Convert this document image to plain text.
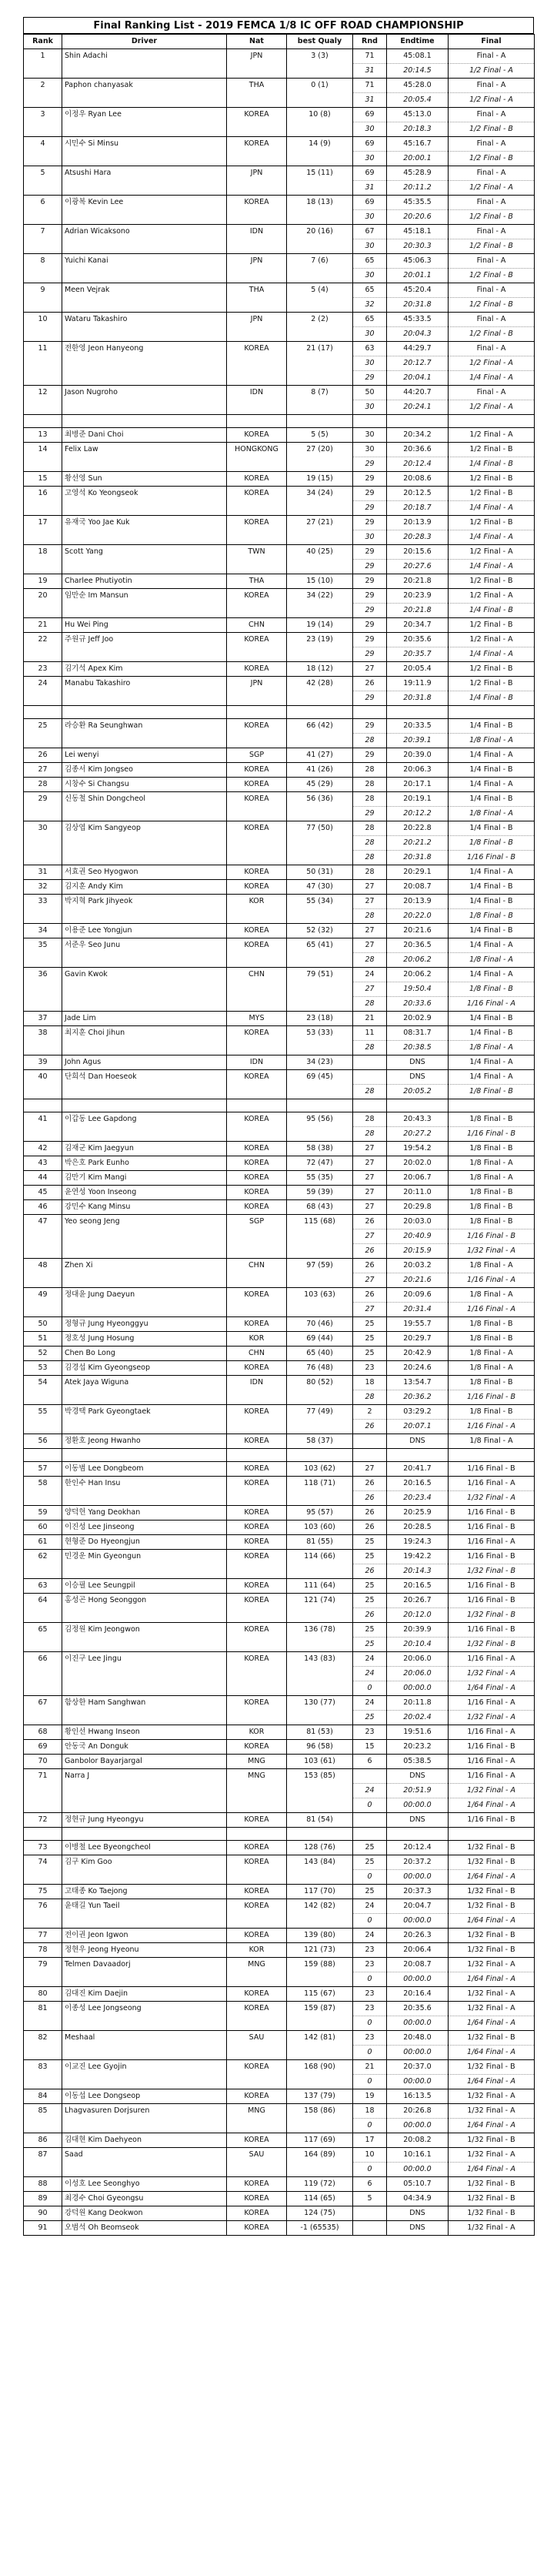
Final Ranking List - 2019 FEMCA 1/8 IC OFF ROAD CHAMPIONSHIP
Rank	Driver	Nat	best Qualy	Rnd	Endtime	Final
1	Shin Adachi	JPN	3 (3)	71	45:08.1	Final - A
				31	20:14.5	1/2 Final - A
2	Paphon chanyasak	THA	0 (1)	71	45:28.0	Final - A
				31	20:05.4	1/2 Final - A
3	이정우 Ryan Lee	KOREA	10 (8)	69	45:13.0	Final - A
				30	20:18.3	1/2 Final - B
4	시민수 Si Minsu	KOREA	14 (9)	69	45:16.7	Final - A
				30	20:00.1	1/2 Final - B
5	Atsushi Hara	JPN	15 (11)	69	45:28.9	Final - A
				31	20:11.2	1/2 Final - A
6	이광복 Kevin Lee	KOREA	18 (13)	69	45:35.5	Final - A
				30	20:20.6	1/2 Final - B
7	Adrian Wicaksono	IDN	20 (16)	67	45:18.1	Final - A
				30	20:30.3	1/2 Final - B
8	Yuichi Kanai	JPN	7 (6)	65	45:06.3	Final - A
				30	20:01.1	1/2 Final - B
9	Meen Vejrak	THA	5 (4)	65	45:20.4	Final - A
				32	20:31.8	1/2 Final - B
10	Wataru Takashiro	JPN	2 (2)	65	45:33.5	Final - A
				30	20:04.3	1/2 Final - B
11	전한영 Jeon Hanyeong	KOREA	21 (17)	63	44:29.7	Final - A
				30	20:12.7	1/2 Final - A
				29	20:04.1	1/4 Final - A
12	Jason Nugroho	IDN	8 (7)	50	44:20.7	Final - A
				30	20:24.1	1/2 Final - A

13	최병준 Dani Choi	KOREA	5 (5)	30	20:34.2	1/2 Final - A
14	Felix Law	HONGKONG	27 (20)	30	20:36.6	1/2 Final - B
				29	20:12.4	1/4 Final - B
15	황선영 Sun	KOREA	19 (15)	29	20:08.6	1/2 Final - B
16	고영석 Ko Yeongseok	KOREA	34 (24)	29	20:12.5	1/2 Final - B
				29	20:18.7	1/4 Final - A
17	유재국 Yoo Jae Kuk	KOREA	27 (21)	29	20:13.9	1/2 Final - B
				30	20:28.3	1/4 Final - A
18	Scott Yang	TWN	40 (25)	29	20:15.6	1/2 Final - A
				29	20:27.6	1/4 Final - A
19	Charlee Phutiyotin	THA	15 (10)	29	20:21.8	1/2 Final - B
20	임만순 Im Mansun	KOREA	34 (22)	29	20:23.9	1/2 Final - A
				29	20:21.8	1/4 Final - B
21	Hu Wei Ping	CHN	19 (14)	29	20:34.7	1/2 Final - B
22	주원규 Jeff Joo	KOREA	23 (19)	29	20:35.6	1/2 Final - A
				29	20:35.7	1/4 Final - A
23	김기석 Apex Kim	KOREA	18 (12)	27	20:05.4	1/2 Final - B
24	Manabu Takashiro	JPN	42 (28)	26	19:11.9	1/2 Final - B
				29	20:31.8	1/4 Final - B

25	라승환 Ra Seunghwan	KOREA	66 (42)	29	20:33.5	1/4 Final - B
				28	20:39.1	1/8 Final - A
26	Lei wenyi	SGP	41 (27)	29	20:39.0	1/4 Final - A
27	김종서 Kim Jongseo	KOREA	41 (26)	28	20:06.3	1/4 Final - B
28	시창수 Si Changsu	KOREA	45 (29)	28	20:17.1	1/4 Final - A
29	신동철 Shin Dongcheol	KOREA	56 (36)	28	20:19.1	1/4 Final - B
				29	20:12.2	1/8 Final - A
30	김상엽 Kim Sangyeop	KOREA	77 (50)	28	20:22.8	1/4 Final - B
				28	20:21.2	1/8 Final - B
				28	20:31.8	1/16 Final - B
31	서효권 Seo Hyogwon	KOREA	50 (31)	28	20:29.1	1/4 Final - A
32	김지훈 Andy Kim	KOREA	47 (30)	27	20:08.7	1/4 Final - B
33	박지혁 Park Jihyeok	KOR	55 (34)	27	20:13.9	1/4 Final - B
				28	20:22.0	1/8 Final - B
34	이용준 Lee Yongjun	KOREA	52 (32)	27	20:21.6	1/4 Final - B
35	서준우 Seo Junu	KOREA	65 (41)	27	20:36.5	1/4 Final - A
				28	20:06.2	1/8 Final - A
36	Gavin Kwok	CHN	79 (51)	24	20:06.2	1/4 Final - A
				27	19:50.4	1/8 Final - B
				28	20:33.6	1/16 Final - A
37	Jade Lim	MYS	23 (18)	21	20:02.9	1/4 Final - B
38	최지훈 Choi Jihun	KOREA	53 (33)	11	08:31.7	1/4 Final - B
				28	20:38.5	1/8 Final - A
39	John Agus	IDN	34 (23)		DNS	1/4 Final - A
40	단희석 Dan Hoeseok	KOREA	69 (45)		DNS	1/4 Final - A
				28	20:05.2	1/8 Final - B

41	이갑동 Lee Gapdong	KOREA	95 (56)	28	20:43.3	1/8 Final - B
				28	20:27.2	1/16 Final - B
42	김재군 Kim Jaegyun	KOREA	58 (38)	27	19:54.2	1/8 Final - B
43	박은호 Park Eunho	KOREA	72 (47)	27	20:02.0	1/8 Final - A
44	김만기 Kim Mangi	KOREA	55 (35)	27	20:06.7	1/8 Final - A
45	윤연성 Yoon Inseong	KOREA	59 (39)	27	20:11.0	1/8 Final - B
46	강민수 Kang Minsu	KOREA	68 (43)	27	20:29.8	1/8 Final - B
47	Yeo seong Jeng	SGP	115 (68)	26	20:03.0	1/8 Final - B
				27	20:40.9	1/16 Final - B
				26	20:15.9	1/32 Final - A
48	Zhen Xi	CHN	97 (59)	26	20:03.2	1/8 Final - A
				27	20:21.6	1/16 Final - A
49	정대윤 Jung Daeyun	KOREA	103 (63)	26	20:09.6	1/8 Final - A
				27	20:31.4	1/16 Final - A
50	정형규 Jung Hyeonggyu	KOREA	70 (46)	25	19:55.7	1/8 Final - B
51	정호성 Jung Hosung	KOR	69 (44)	25	20:29.7	1/8 Final - B
52	Chen Bo Long	CHN	65 (40)	25	20:42.9	1/8 Final - A
53	김경섭 Kim Gyeongseop	KOREA	76 (48)	23	20:24.6	1/8 Final - A
54	Atek Jaya Wiguna	IDN	80 (52)	18	13:54.7	1/8 Final - B
				28	20:36.2	1/16 Final - B
55	박경택 Park Gyeongtaek	KOREA	77 (49)	2	03:29.2	1/8 Final - B
				26	20:07.1	1/16 Final - A
56	정환호 Jeong Hwanho	KOREA	58 (37)		DNS	1/8 Final - A

57	이동범 Lee Dongbeom	KOREA	103 (62)	27	20:41.7	1/16 Final - B
58	한인수 Han Insu	KOREA	118 (71)	26	20:16.5	1/16 Final - A
				26	20:23.4	1/32 Final - A
59	양덕헌 Yang Deokhan	KOREA	95 (57)	26	20:25.9	1/16 Final - B
60	이진성 Lee Jinseong	KOREA	103 (60)	26	20:28.5	1/16 Final - B
61	현형준 Do Hyeongjun	KOREA	81 (55)	25	19:24.3	1/16 Final - A
62	민경운 Min Gyeongun	KOREA	114 (66)	25	19:42.2	1/16 Final - B
				26	20:14.3	1/32 Final - B
63	이승필 Lee Seungpil	KOREA	111 (64)	25	20:16.5	1/16 Final - B
64	홍성곤 Hong Seonggon	KOREA	121 (74)	25	20:26.7	1/16 Final - B
				26	20:12.0	1/32 Final - B
65	김정원 Kim Jeongwon	KOREA	136 (78)	25	20:39.9	1/16 Final - B
				25	20:10.4	1/32 Final - B
66	이진구 Lee Jingu	KOREA	143 (83)	24	20:06.0	1/16 Final - A
				24	20:06.0	1/32 Final - A
				0	00:00.0	1/64 Final - A
67	함상한 Ham Sanghwan	KOREA	130 (77)	24	20:11.8	1/16 Final - A
				25	20:02.4	1/32 Final - A
68	황인선 Hwang Inseon	KOR	81 (53)	23	19:51.6	1/16 Final - A
69	안동국 An Donguk	KOREA	96 (58)	15	20:23.2	1/16 Final - B
70	Ganbolor Bayarjargal	MNG	103 (61)	6	05:38.5	1/16 Final - A
71	Narra J	MNG	153 (85)		DNS	1/16 Final - A
				24	20:51.9	1/32 Final - A
				0	00:00.0	1/64 Final - A
72	정현규 Jung Hyeongyu	KOREA	81 (54)		DNS	1/16 Final - B

73	이병철 Lee Byeongcheol	KOREA	128 (76)	25	20:12.4	1/32 Final - B
74	김구 Kim Goo	KOREA	143 (84)	25	20:37.2	1/32 Final - B
				0	00:00.0	1/64 Final - A
75	고태종 Ko Taejong	KOREA	117 (70)	25	20:37.3	1/32 Final - B
76	윤태길 Yun Taeil	KOREA	142 (82)	24	20:04.7	1/32 Final - B
				0	00:00.0	1/64 Final - A
77	전이권 Jeon Igwon	KOREA	139 (80)	24	20:26.3	1/32 Final - B
78	정현우 Jeong Hyeonu	KOR	121 (73)	23	20:06.4	1/32 Final - B
79	Telmen Davaadorj	MNG	159 (88)	23	20:08.7	1/32 Final - A
				0	00:00.0	1/64 Final - A
80	김대진 Kim Daejin	KOREA	115 (67)	23	20:16.4	1/32 Final - A
81	이종성 Lee Jongseong	KOREA	159 (87)	23	20:35.6	1/32 Final - A
				0	00:00.0	1/64 Final - A
82	Meshaal	SAU	142 (81)	23	20:48.0	1/32 Final - B
				0	00:00.0	1/64 Final - A
83	이교진 Lee Gyojin	KOREA	168 (90)	21	20:37.0	1/32 Final - B
				0	00:00.0	1/64 Final - A
84	이동섭 Lee Dongseop	KOREA	137 (79)	19	16:13.5	1/32 Final - A
85	Lhagvasuren Dorjsuren	MNG	158 (86)	18	20:26.8	1/32 Final - A
				0	00:00.0	1/64 Final - A
86	김대현 Kim Daehyeon	KOREA	117 (69)	17	20:08.2	1/32 Final - B
87	Saad	SAU	164 (89)	10	10:16.1	1/32 Final - A
				0	00:00.0	1/64 Final - A
88	이성호 Lee Seonghyo	KOREA	119 (72)	6	05:10.7	1/32 Final - B
89	최경수 Choi Gyeongsu	KOREA	114 (65)	5	04:34.9	1/32 Final - B
90	강덕원 Kang Deokwon	KOREA	124 (75)		DNS	1/32 Final - B
91	오범석 Oh Beomseok	KOREA	-1 (65535)		DNS	1/32 Final - A
